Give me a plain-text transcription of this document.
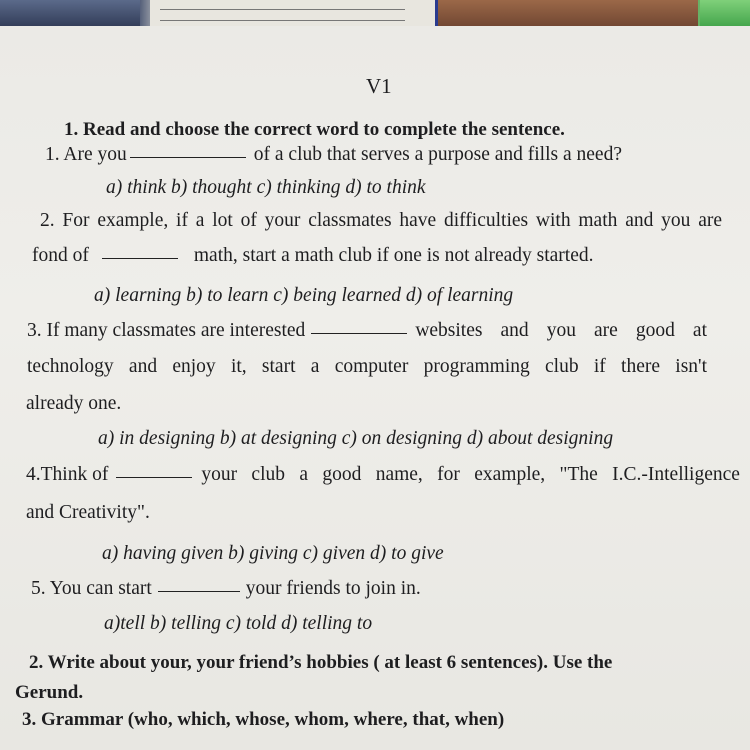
V1
1. Read and choose the correct word to complete the sentence.
1. Are you	of a club that serves a purpose and fills a need?
a) think b) thought c) thinking d) to think
2. For example, if a lot of your classmates have difficulties with math and you are
fond of	math, start a math club if one is not already started.
a) learning b) to learn c) being learned d) of learning
3. If many classmates are interested	websites and you are good at
technology and enjoy it, start a computer programming club if there isn't
already one.
a) in designing b) at designing c) on designing d) about designing
4.Think of	your club a good name, for example, "The I.C.-Intelligence
and Creativity".
a) having given b) giving c) given d) to give
5. You can start	your friends to join in.
a)tell b) telling c) told d) telling to
2. Write about your, your friend’s hobbies ( at least 6 sentences). Use the
Gerund.
3. Grammar (who, which, whose, whom, where, that, when)
